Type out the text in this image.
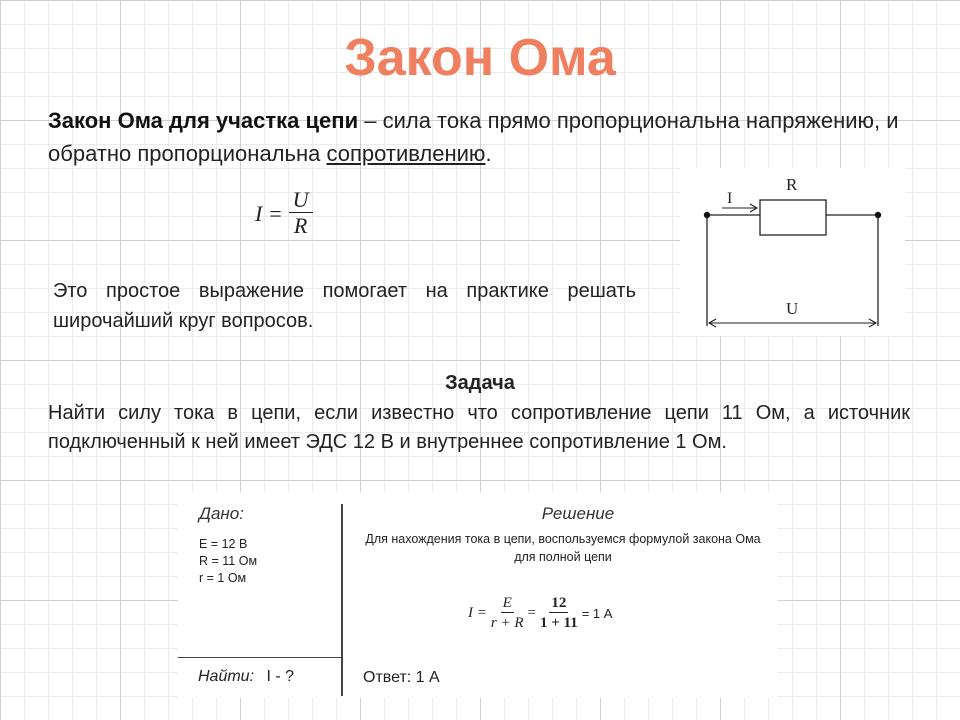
Закон Ома
Закон Ома для участка цепи – сила тока прямо пропорциональна напряжению, и обратно пропорциональна сопротивлению.
$I = \frac{U}{R}$	I
R
U
Это простое выражение помогает на практике решать широчайший круг вопросов.
Задача
Найти силу тока в цепи, если известно что сопротивление цепи 11 Ом, а источник подключенный к ней имеет ЭДС 12 В и внутреннее сопротивление 1 Ом.
Дано:
E = 12 В
R = 11 Ом
r = 1 Ом
Решение
Для нахождения тока в цепи, воспользуемся формулой закона Ома для полной цепи
$I = \frac{E}{r + R} = \frac{12}{1 + 11} = 1$ А
Найти: I - ?	Ответ: 1 А
